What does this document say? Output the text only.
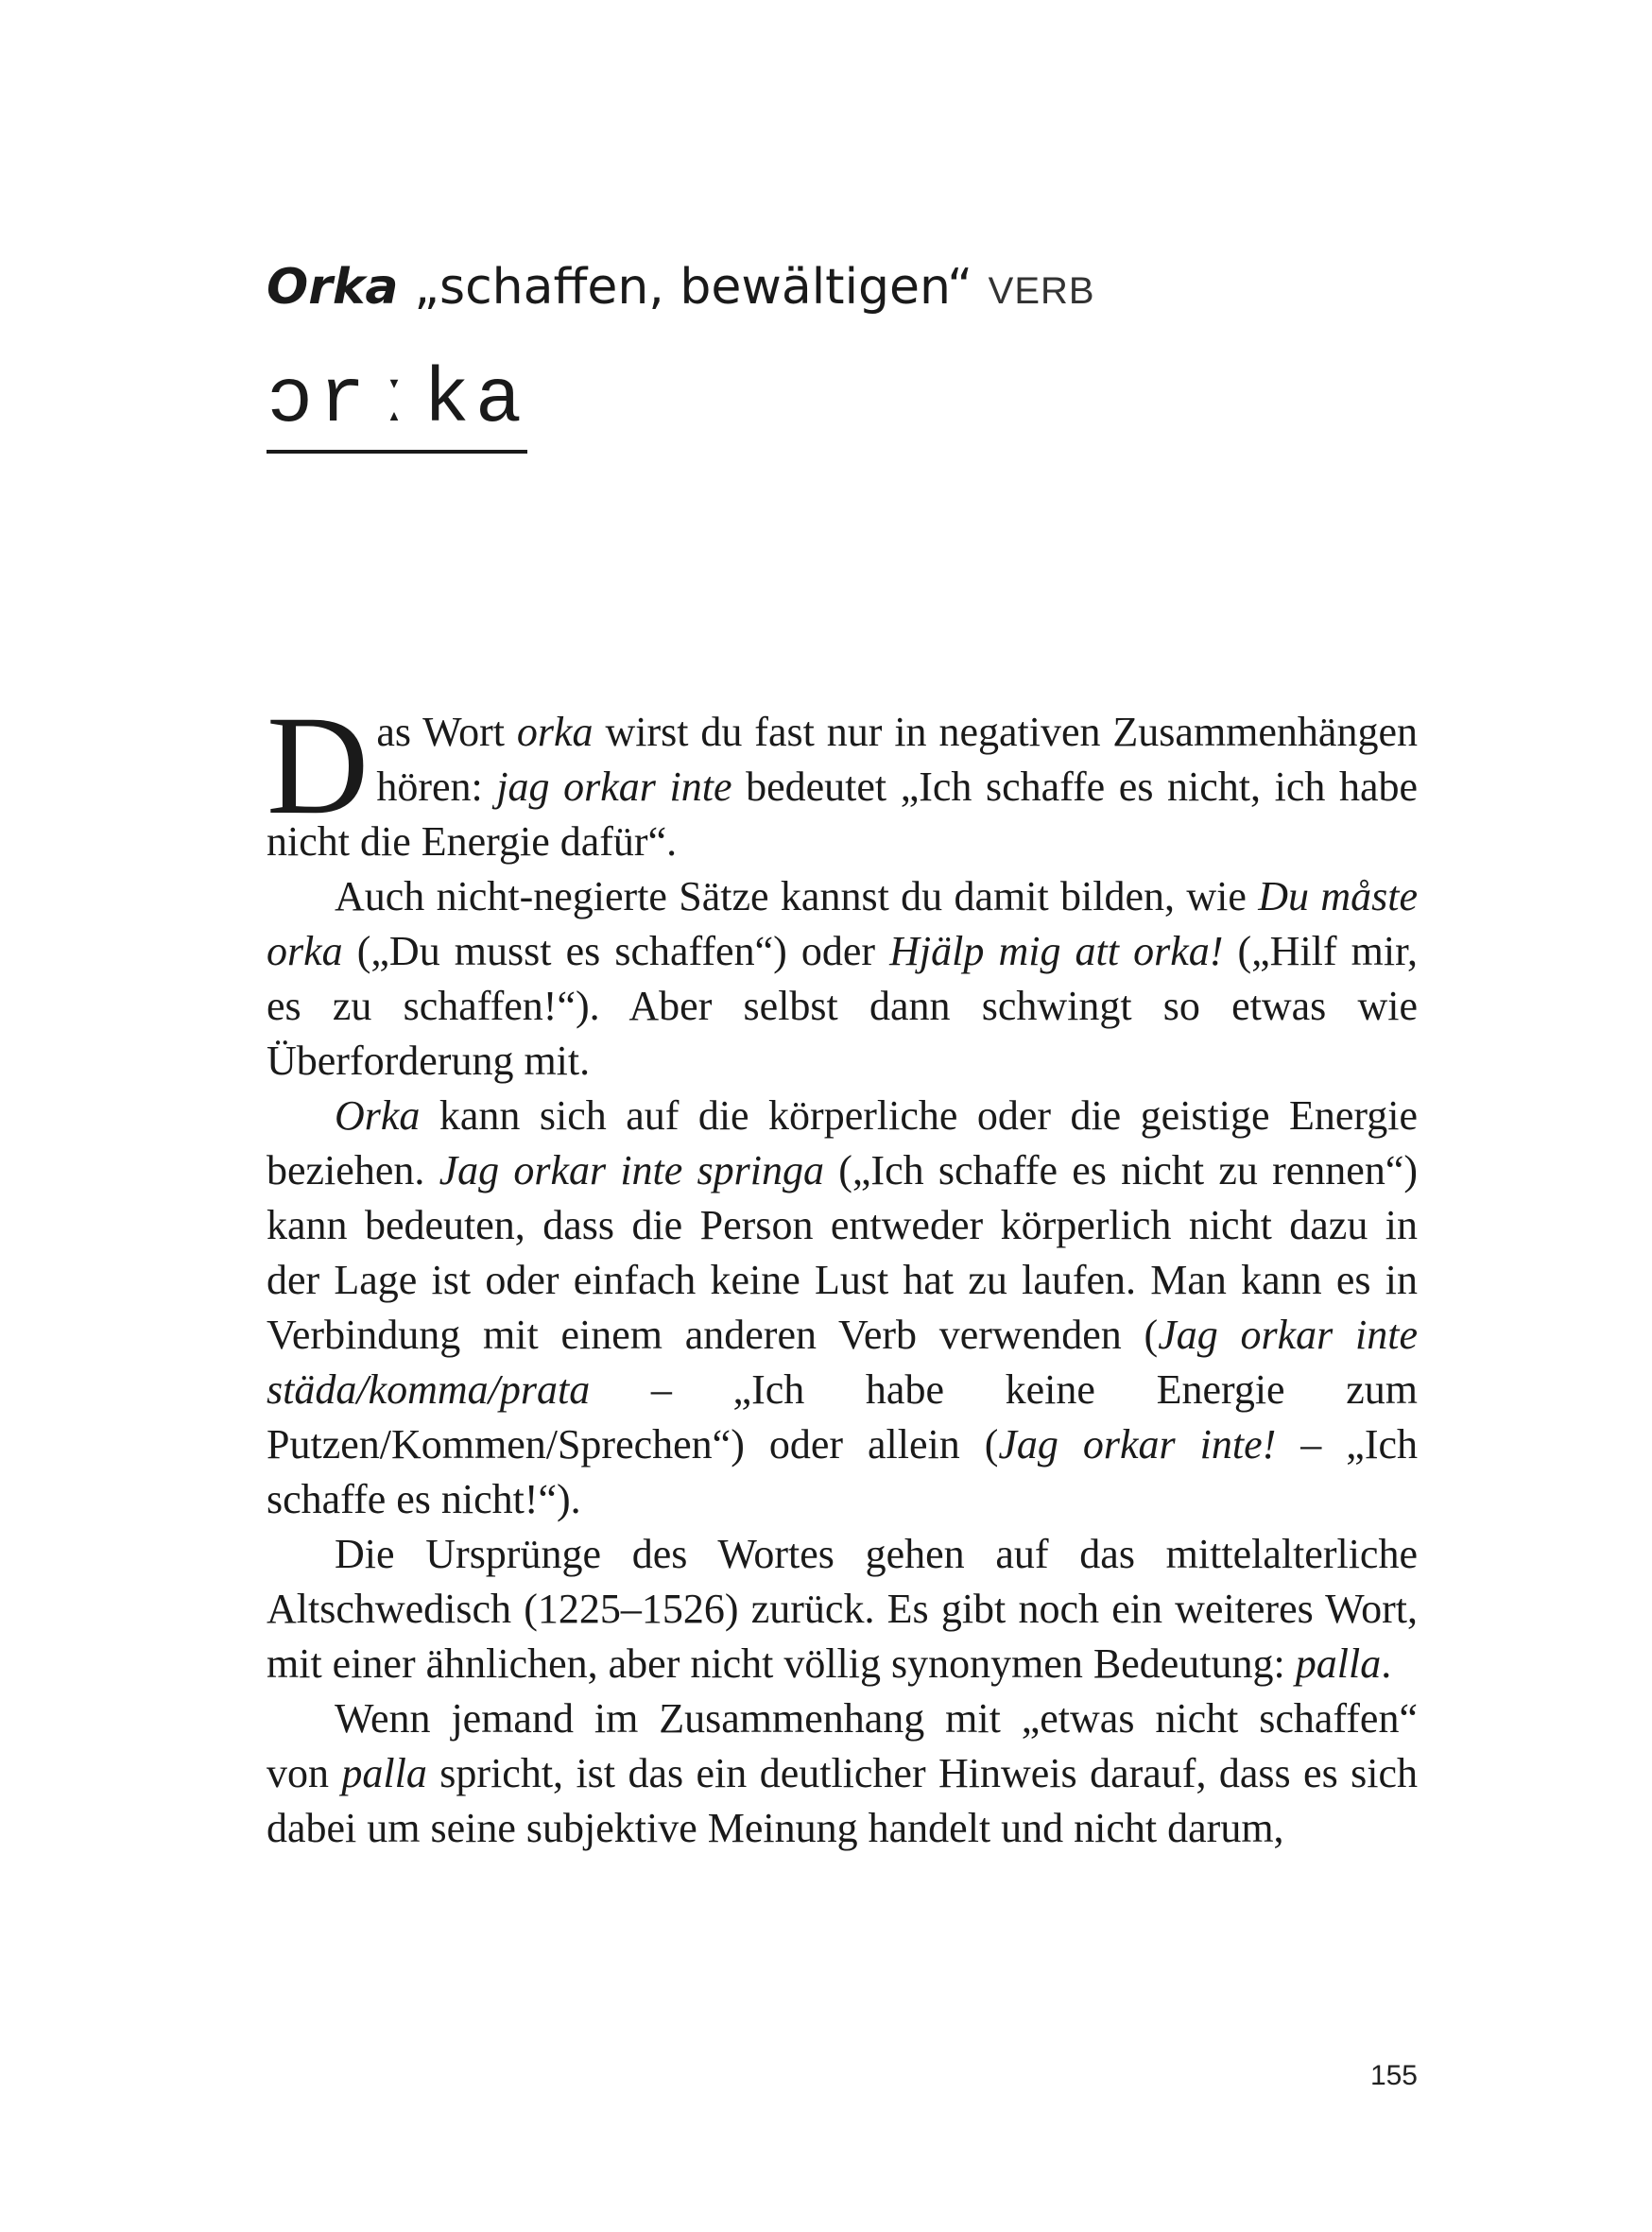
Orka „schaffen, bewältigen“ VERB
ɔrːka

Das Wort orka wirst du fast nur in negativen Zusammenhängen hören: jag orkar inte bedeutet „Ich schaffe es nicht, ich habe nicht die Energie dafür“.

Auch nicht-negierte Sätze kannst du damit bilden, wie Du måste orka („Du musst es schaffen“) oder Hjälp mig att orka! („Hilf mir, es zu schaffen!“). Aber selbst dann schwingt so etwas wie Überforderung mit.

Orka kann sich auf die körperliche oder die geistige Energie beziehen. Jag orkar inte springa („Ich schaffe es nicht zu rennen“) kann bedeuten, dass die Person entweder körperlich nicht dazu in der Lage ist oder einfach keine Lust hat zu laufen. Man kann es in Verbindung mit einem anderen Verb verwenden (Jag orkar inte städa/komma/prata – „Ich habe keine Energie zum Putzen/Kommen/Sprechen“) oder allein (Jag orkar inte! – „Ich schaffe es nicht!“).

Die Ursprünge des Wortes gehen auf das mittelalterliche Altschwedisch (1225–1526) zurück. Es gibt noch ein weiteres Wort, mit einer ähnlichen, aber nicht völlig synonymen Bedeutung: palla.

Wenn jemand im Zusammenhang mit „etwas nicht schaffen“ von palla spricht, ist das ein deutlicher Hinweis darauf, dass es sich dabei um seine subjektive Meinung handelt und nicht darum,

155
